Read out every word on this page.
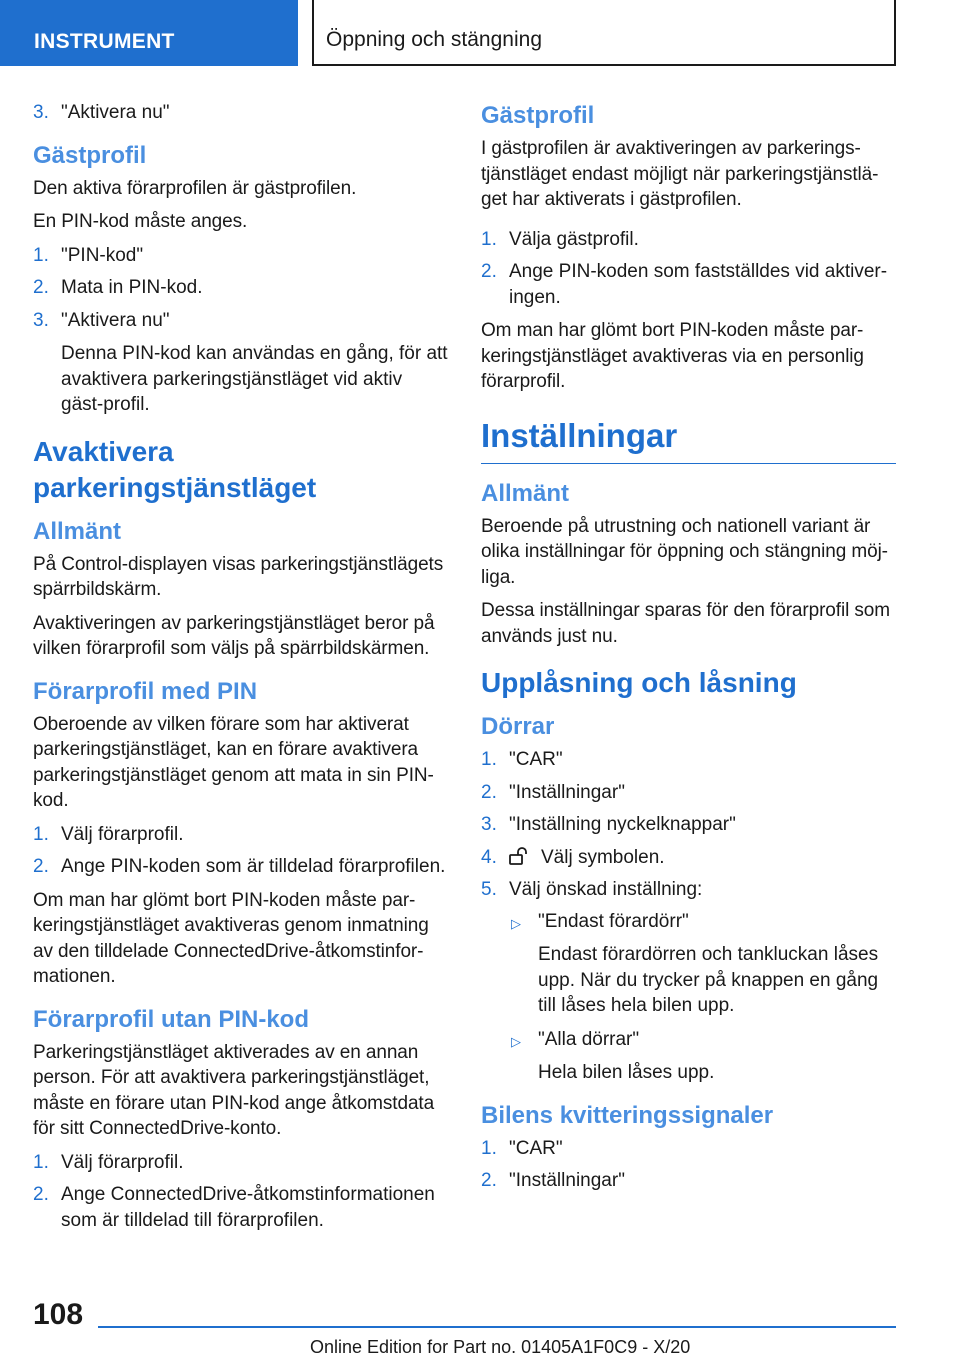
INSTRUMENT	Öppning och stängning
3. "Aktivera nu"
Gästprofil

Den aktiva förarprofilen är gästprofilen.

En PIN-kod måste anges.

1. "PIN-kod"
2. Mata in PIN-kod.
3. "Aktivera nu"
Denna PIN-kod kan användas en gång, för att avaktivera parkeringstjänstläget vid aktiv gäst-profil.
Avaktivera parkeringstjänstläget
Allmänt

På Control-displayen visas parkeringstjänstlägets spärrbildskärm.

Avaktiveringen av parkeringstjänstläget beror på vilken förarprofil som väljs på spärrbildskärmen.

Förarprofil med PIN

Oberoende av vilken förare som har aktiverat parkeringstjänstläget, kan en förare avaktivera parkeringstjänstläget genom att mata in sin PIN-kod.

1. Välj förarprofil.
2. Ange PIN-koden som är tilldelad förarprofilen.

Om man har glömt bort PIN-koden måste par-keringstjänstläget avaktiveras genom inmatning av den tilldelade ConnectedDrive-åtkomstinfor-mationen.

Förarprofil utan PIN-kod

Parkeringstjänstläget aktiverades av en annan person. För att avaktivera parkeringstjänstläget, måste en förare utan PIN-kod ange åtkomstdata för sitt ConnectedDrive-konto.

1. Välj förarprofil.
2. Ange ConnectedDrive-åtkomstinformationen som är tilldelad till förarprofilen.
Gästprofil

I gästprofilen är avaktiveringen av parkerings-tjänstläget endast möjligt när parkeringstjänstlä-get har aktiverats i gästprofilen.

1. Välja gästprofil.
2. Ange PIN-koden som fastställdes vid aktiver-ingen.

Om man har glömt bort PIN-koden måste par-keringstjänstläget avaktiveras via en personlig förarprofil.

Inställningar
Allmänt

Beroende på utrustning och nationell variant är olika inställningar för öppning och stängning möj-liga.

Dessa inställningar sparas för den förarprofil som används just nu.

Upplåsning och låsning
Dörrar
1. "CAR"
2. "Inställningar"
3. "Inställning nyckelknappar"
4. Välj symbolen.
5. Välj önskad inställning:
▷ "Endast förardörr"
Endast förardörren och tankluckan låses upp. När du trycker på knappen en gång till låses hela bilen upp.
▷ "Alla dörrar"
Hela bilen låses upp.
Bilens kvitteringssignaler
1. "CAR"
2. "Inställningar"
108
Online Edition for Part no. 01405A1F0C9 - X/20
